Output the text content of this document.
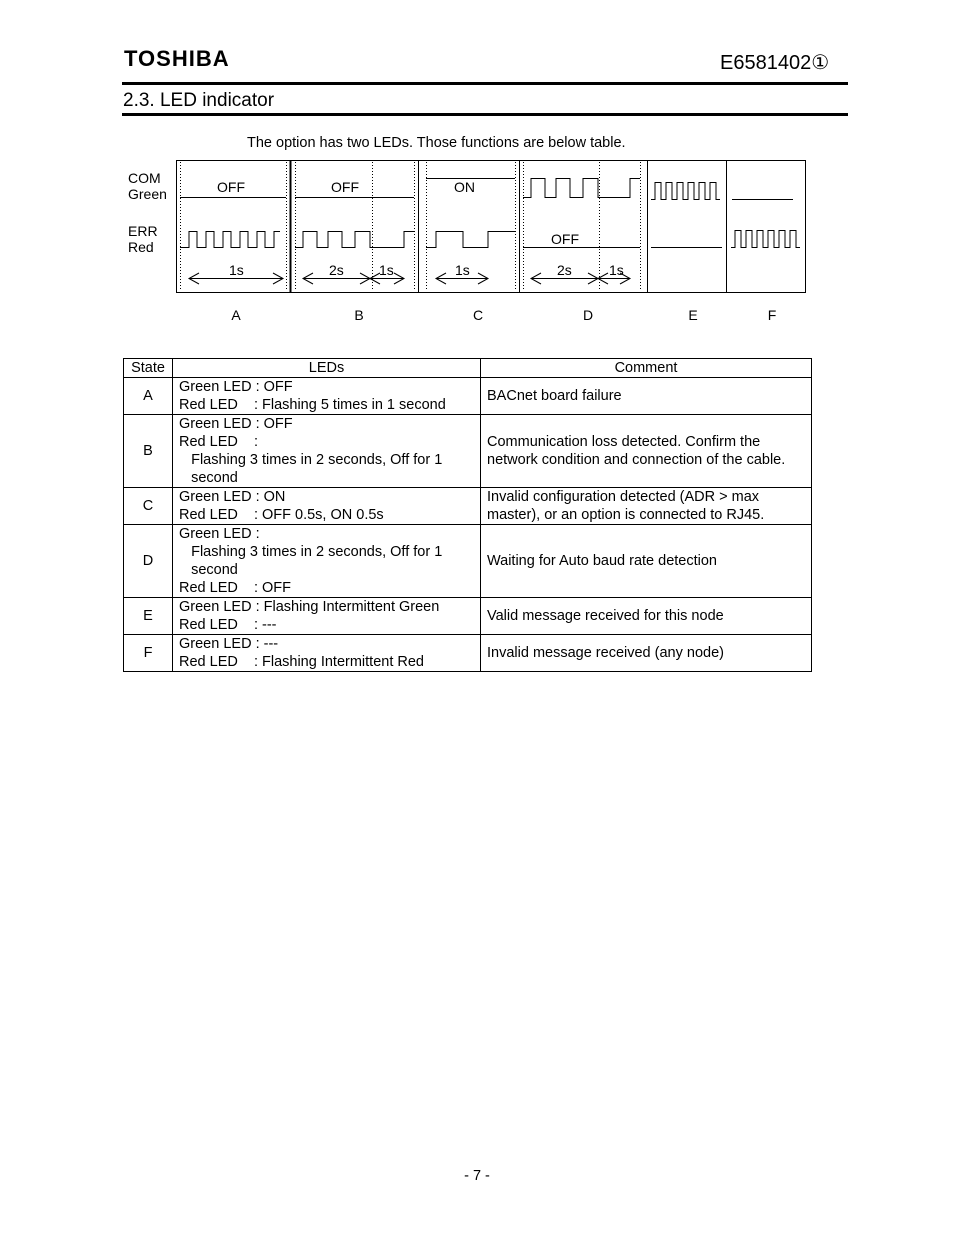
TOSHIBA	E6581402①
2.3. LED indicator
The option has two LEDs. Those functions are below table.
COM
Green
ERR
Red
OFF	OFF	ON
OFF
1s	2s	1s	1s	2s	1s
A	B	C	D	E	F
State	LEDs	Comment
A	Green LED : OFF
Red LED    : Flashing 5 times in 1 second	BACnet board failure

B	Green LED : OFF
Red LED    :
Flashing 3 times in 2 seconds, Off for 1
second	Communication loss detected. Confirm the
network condition and connection of the cable.

C	Green LED : ON
Red LED    : OFF 0.5s, ON 0.5s	Invalid configuration detected (ADR > max
master), or an option is connected to RJ45.

D	Green LED :
Flashing 3 times in 2 seconds, Off for 1
second
Red LED    : OFF	Waiting for Auto baud rate detection

E	Green LED : Flashing Intermittent Green
Red LED    : ---	Valid message received for this node

F	Green LED : ---
Red LED    : Flashing Intermittent Red	Invalid message received (any node)
- 7 -
